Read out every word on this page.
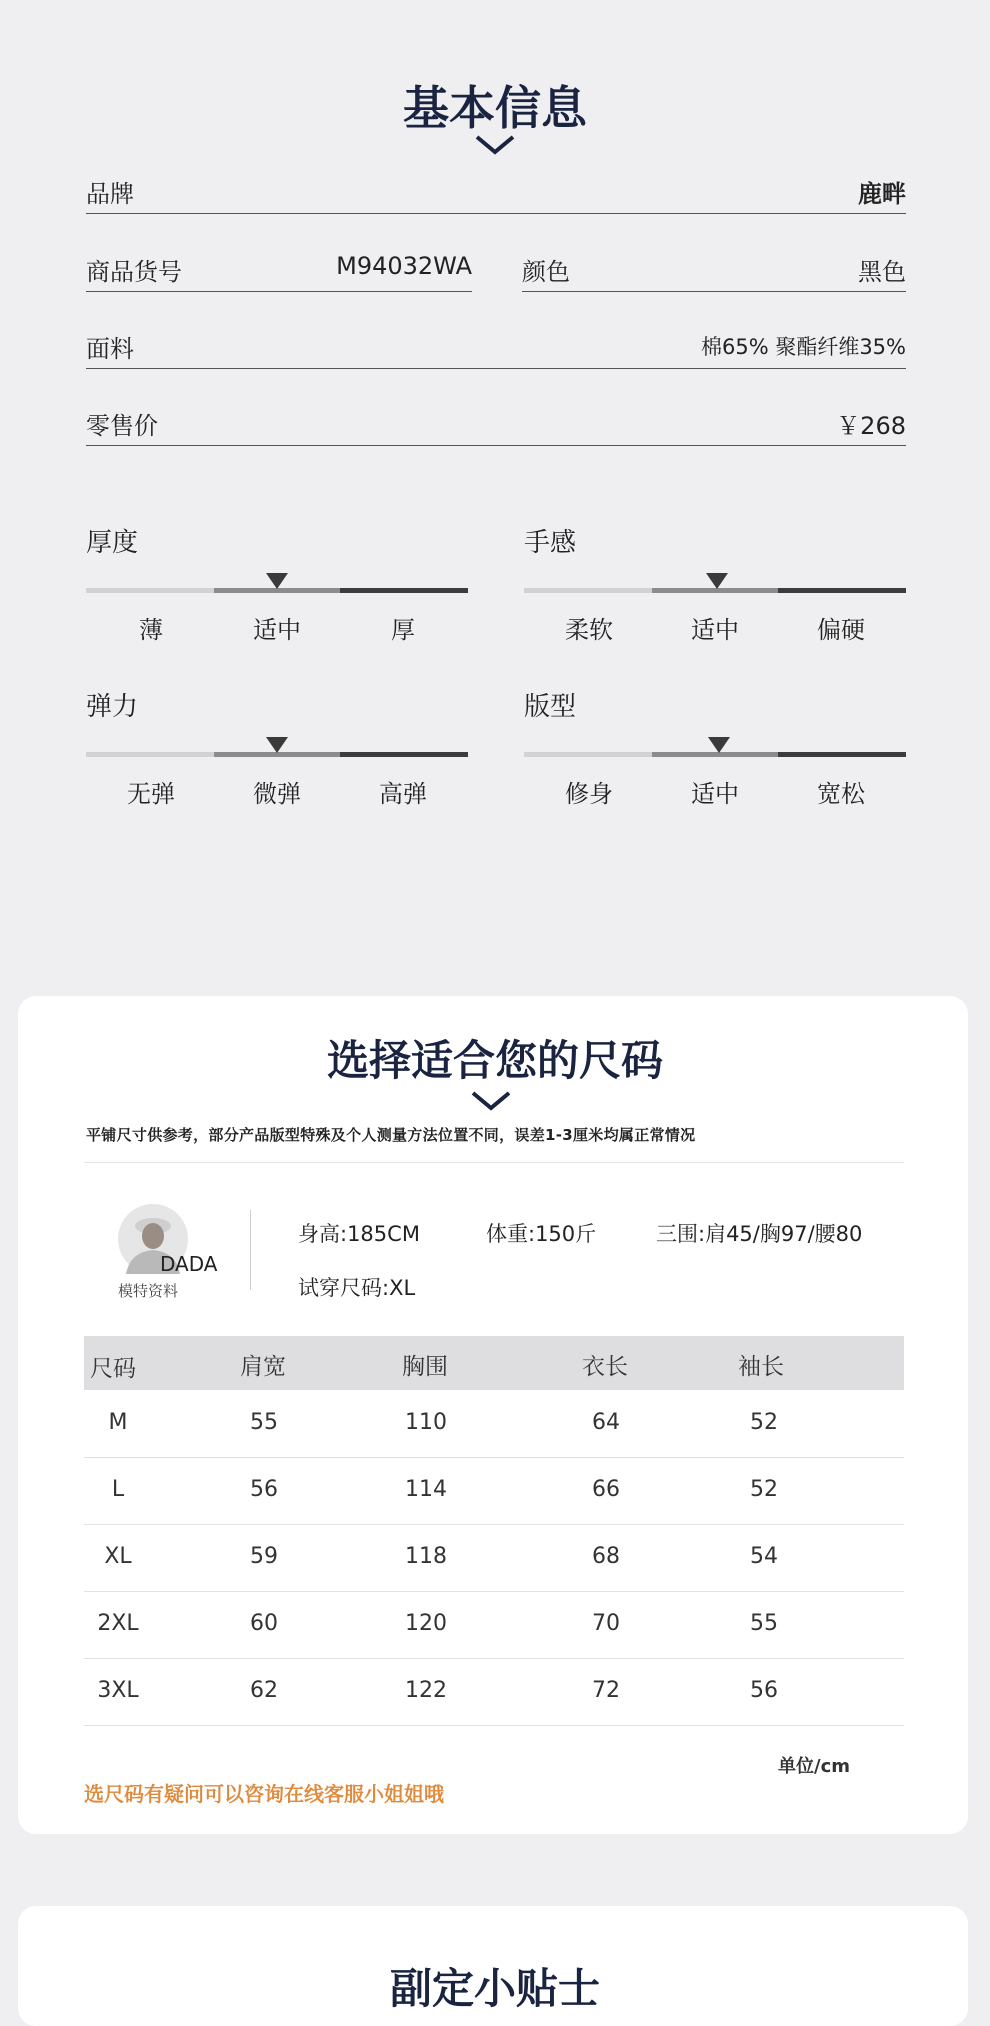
基本信息
品牌	鹿畔
商品货号	M94032WA 颜色	黑色
面料	棉65% 聚酯纤维35%
零售价	￥268
厚度
薄	适中	厚
手感
柔软	适中	偏硬
弹力
无弹	微弹	高弹
版型
修身	适中	宽松
选择适合您的尺码
平铺尺寸供参考，部分产品版型特殊及个人测量方法位置不同，误差1-3厘米均属正常情况
DADA
模特资料
身高:185CM	体重:150斤	三围:肩45/胸97/腰80
试穿尺码:XL
尺码	肩宽	胸围	衣长	袖长
M	55	110	64	52
L	56	114	66	52
XL	59	118	68	54
2XL	60	120	70	55
3XL	62	122	72	56
单位/cm
选尺码有疑问可以咨询在线客服小姐姐哦
